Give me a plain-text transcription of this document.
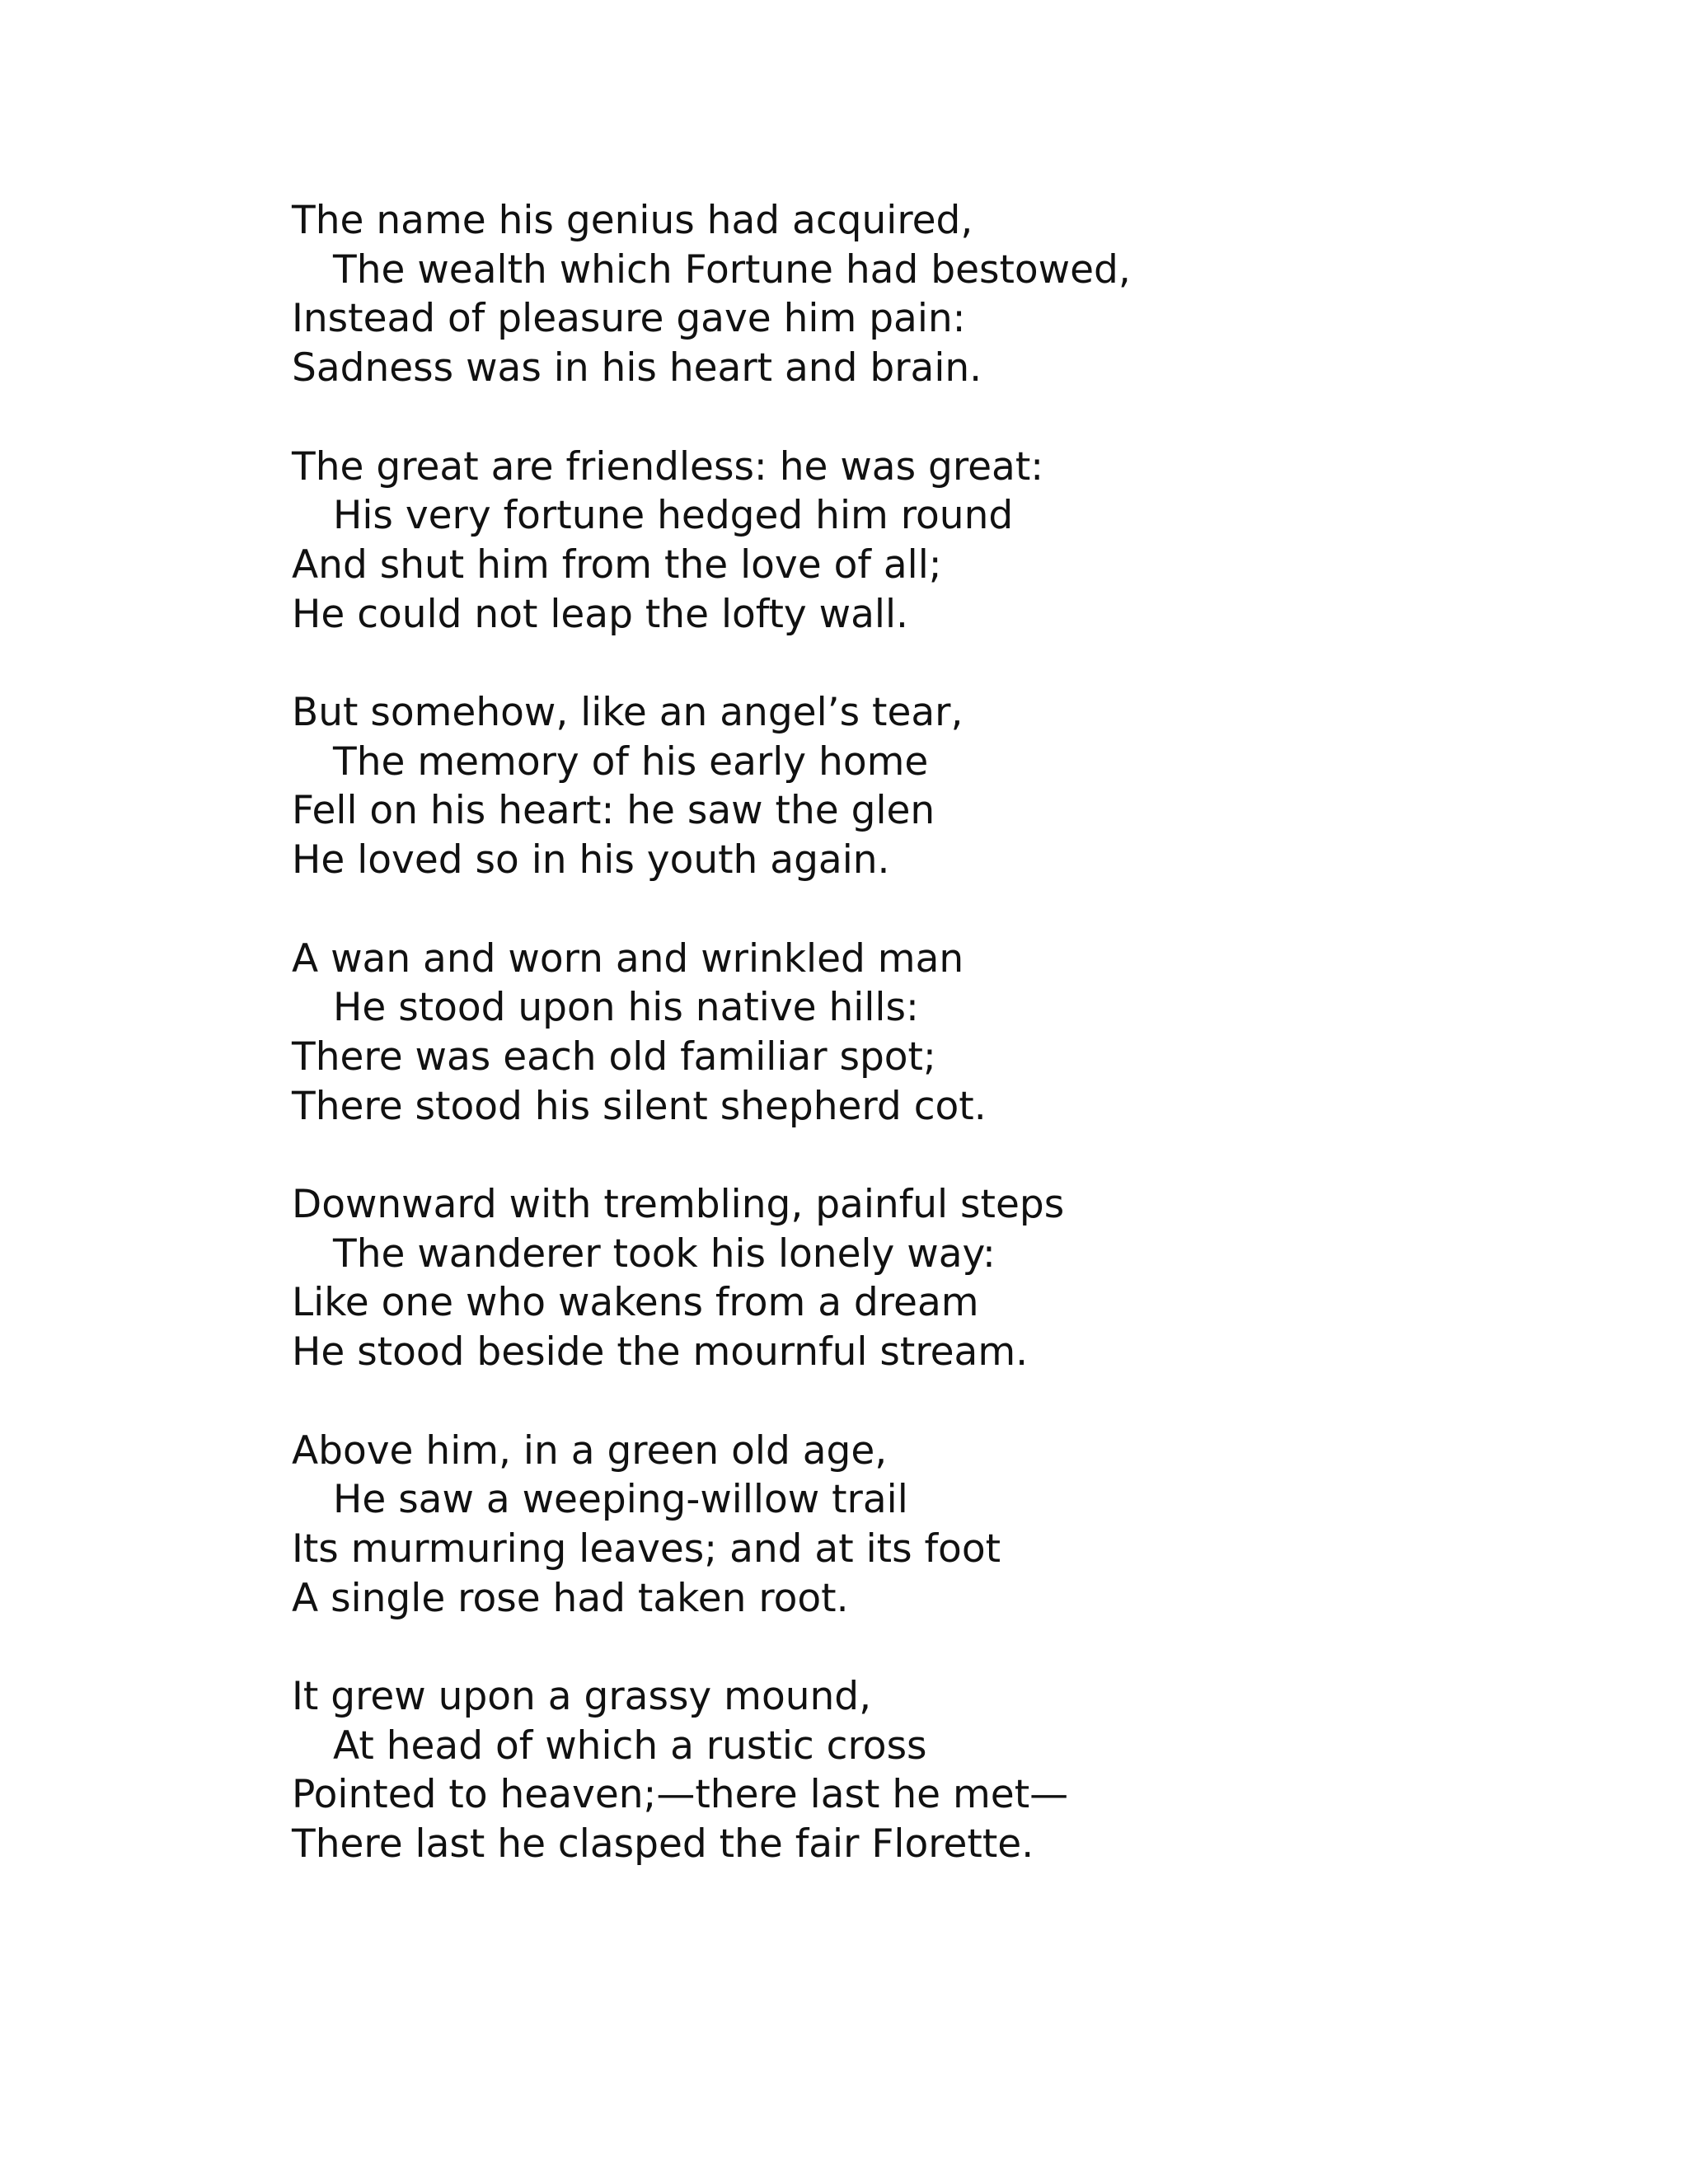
The name his genius had acquired,
The wealth which Fortune had bestowed,
Instead of pleasure gave him pain:
Sadness was in his heart and brain.
The great are friendless: he was great:
His very fortune hedged him round
And shut him from the love of all;
He could not leap the lofty wall.
But somehow, like an angel’s tear,
The memory of his early home
Fell on his heart: he saw the glen
He loved so in his youth again.
A wan and worn and wrinkled man
He stood upon his native hills:
There was each old familiar spot;
There stood his silent shepherd cot.
Downward with trembling, painful steps
The wanderer took his lonely way:
Like one who wakens from a dream
He stood beside the mournful stream.
Above him, in a green old age,
He saw a weeping-willow trail
Its murmuring leaves; and at its foot
A single rose had taken root.
It grew upon a grassy mound,
At head of which a rustic cross
Pointed to heaven;—there last he met—
There last he clasped the fair Florette.
